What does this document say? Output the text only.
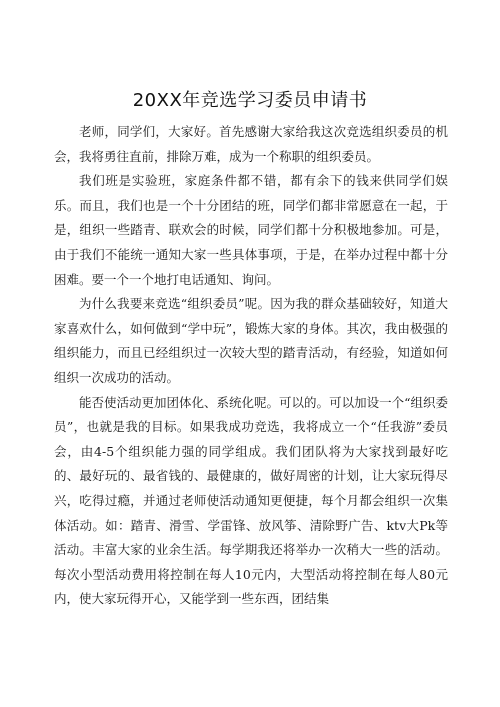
20XX年竞选学习委员申请书

老师，同学们，大家好。首先感谢大家给我这次竞选组织委员的机会，我将勇往直前，排除万难，成为一个称职的组织委员。

我们班是实验班，家庭条件都不错，都有余下的钱来供同学们娱乐。而且，我们也是一个十分团结的班，同学们都非常愿意在一起，于是，组织一些踏青、联欢会的时候，同学们都十分积极地参加。可是，由于我们不能统一通知大家一些具体事项，于是，在举办过程中都十分困难。要一个一个地打电话通知、询问。

为什么我要来竞选“组织委员”呢。因为我的群众基础较好，知道大家喜欢什么，如何做到“学中玩”，锻炼大家的身体。其次，我由极强的组织能力，而且已经组织过一次较大型的踏青活动，有经验，知道如何组织一次成功的活动。

能否使活动更加团体化、系统化呢。可以的。可以加设一个“组织委员”，也就是我的目标。如果我成功竞选，我将成立一个“任我游”委员会，由4-5个组织能力强的同学组成。我们团队将为大家找到最好吃的、最好玩的、最省钱的、最健康的，做好周密的计划，让大家玩得尽兴，吃得过瘾，并通过老师使活动通知更便捷，每个月都会组织一次集体活动。如：踏青、滑雪、学雷锋、放风筝、清除野广告、ktv大Pk等活动。丰富大家的业余生活。每学期我还将举办一次稍大一些的活动。每次小型活动费用将控制在每人10元内，大型活动将控制在每人80元内，使大家玩得开心，又能学到一些东西，团结集
